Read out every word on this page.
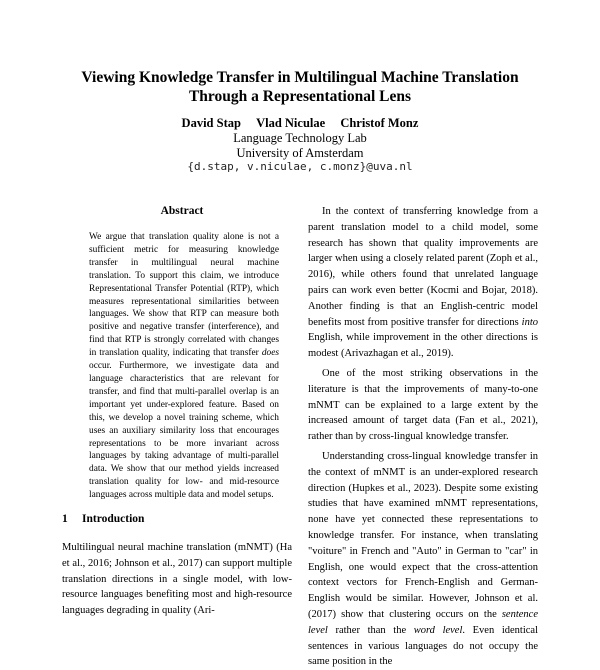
Viewing Knowledge Transfer in Multilingual Machine Translation
Through a Representational Lens
David Stap Vlad Niculae Christof Monz
Language Technology Lab
University of Amsterdam
{d.stap, v.niculae, c.monz}@uva.nl
Abstract
We argue that translation quality alone is not a sufficient metric for measuring knowledge transfer in multilingual neural machine translation. To support this claim, we introduce Representational Transfer Potential (RTP), which measures representational similarities between languages. We show that RTP can measure both positive and negative transfer (interference), and find that RTP is strongly correlated with changes in translation quality, indicating that transfer does occur. Furthermore, we investigate data and language characteristics that are relevant for transfer, and find that multi-parallel overlap is an important yet under-explored feature. Based on this, we develop a novel training scheme, which uses an auxiliary similarity loss that encourages representations to be more invariant across languages by taking advantage of multi-parallel data. We show that our method yields increased translation quality for low- and mid-resource languages across multiple data and model setups.
1 Introduction
Multilingual neural machine translation (mNMT) (Ha et al., 2016; Johnson et al., 2017) can support multiple translation directions in a single model, with low-resource languages benefiting most and high-resource languages degrading in quality (Ari-

In the context of transferring knowledge from a parent translation model to a child model, some research has shown that quality improvements are larger when using a closely related parent (Zoph et al., 2016), while others found that unrelated language pairs can work even better (Kocmi and Bojar, 2018). Another finding is that an English-centric model benefits most from positive transfer for directions into English, while improvement in the other directions is modest (Arivazhagan et al., 2019).

One of the most striking observations in the literature is that the improvements of many-to-one mNMT can be explained to a large extent by the increased amount of target data (Fan et al., 2021), rather than by cross-lingual knowledge transfer.

Understanding cross-lingual knowledge transfer in the context of mNMT is an under-explored research direction (Hupkes et al., 2023). Despite some existing studies that have examined mNMT representations, none have yet connected these representations to knowledge transfer. For instance, when translating "voiture" in French and "Auto" in German to "car" in English, one would expect that the cross-attention context vectors for French-English and German-English would be similar. However, Johnson et al. (2017) show that clustering occurs on the sentence level rather than the word level. Even identical sentences in various languages do not occupy the same position in the
